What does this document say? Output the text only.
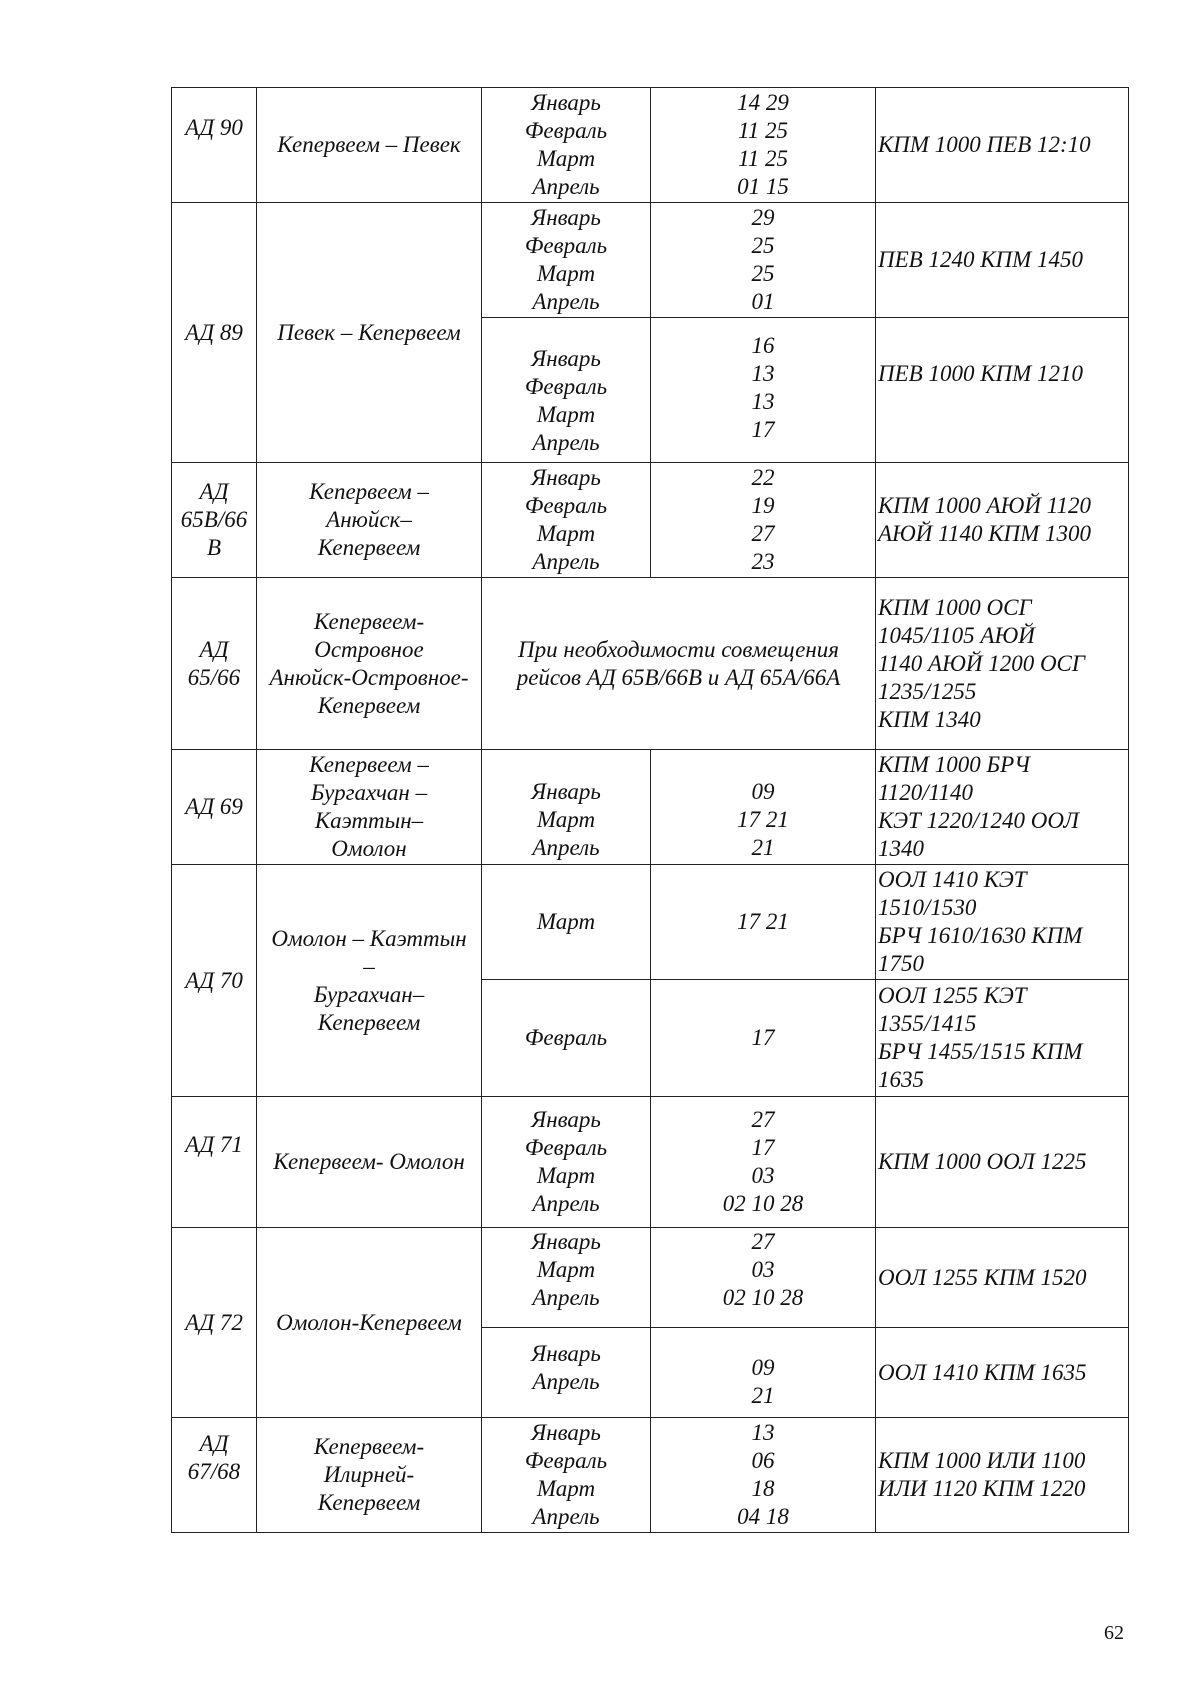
АД 90	Кепервеем – Певек	Январь
Февраль
Март
Апрель	14 29
11 25
11 25
01 15	КПМ 1000 ПЕВ 12:10

АД 89	Певек – Кепервеем	Январь
Февраль
Март
Апрель	29
25
25
01	ПЕВ 1240 КПМ 1450

		Январь
Февраль
Март
Апрель	16
13
13
17	ПЕВ 1000 КПМ 1210

АД
65В/66
В	Кепервеем –
Анюйск–
Кепервеем	Январь
Февраль
Март
Апрель	22
19
27
23	КПМ 1000 АЮЙ 1120
АЮЙ 1140 КПМ 1300

АД
65/66	Кепервеем-
Островное
Анюйск-Островное-
Кепервеем	При необходимости совмещения
рейсов АД 65В/66В и АД 65А/66А		КПМ 1000 ОСГ
1045/1105 АЮЙ
1140 АЮЙ 1200 ОСГ
1235/1255
КПМ 1340

АД 69	Кепервеем –
Бургахчан –
Каэттын–
Омолон	Январь
Март
Апрель	09
17 21
21	КПМ 1000 БРЧ
1120/1140
КЭТ 1220/1240 ООЛ
1340

АД 70	Омолон – Каэттын
–
Бургахчан–
Кепервеем	Март	17 21	ООЛ 1410 КЭТ
1510/1530
БРЧ 1610/1630 КПМ
1750

		Февраль	17	ООЛ 1255 КЭТ
1355/1415
БРЧ 1455/1515 КПМ
1635

АД 71	Кепервеем- Омолон	Январь
Февраль
Март
Апрель	27
17
03
02 10 28	КПМ 1000 ООЛ 1225

АД 72	Омолон-Кепервеем	Январь
Март
Апрель	27
03
02 10 28	ООЛ 1255 КПМ 1520

		Январь
Апрель	09
21	ООЛ 1410 КПМ 1635

АД
67/68	Кепервеем-
Илирней-
Кепервеем	Январь
Февраль
Март
Апрель	13
06
18
04 18	КПМ 1000 ИЛИ 1100
ИЛИ 1120 КПМ 1220
62
